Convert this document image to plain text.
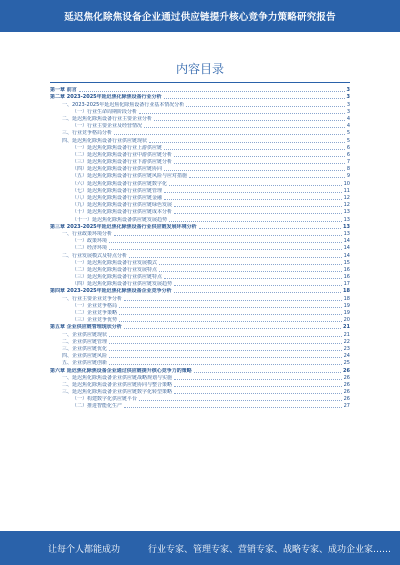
延迟焦化除焦设备企业通过供应链提升核心竞争力策略研究报告
内容目录
第一章 前言	3
第二章 2023-2025年延迟焦化除焦设备行业分析	3
一、2023-2025年延迟焦化除焦设备行业基本情况分析	3
（一）行业生命周期阶段分析	3
二、延迟焦化除焦设备行业主要企业分析	4
（一）行业主要企业及经营情况	4
三、行业竞争格局分析	5
四、延迟焦化除焦设备行业供应链现状	5
（一）延迟焦化除焦设备行业上游供应链	6
（二）延迟焦化除焦设备行业中游供应链分析	6
（三）延迟焦化除焦设备行业下游供应链分析	7
（四）延迟焦化除焦设备行业供应链协同	8
（五）延迟焦化除焦设备行业供应链风险与应对措施	9
（六）延迟焦化除焦设备行业供应链数字化	10
（七）延迟焦化除焦设备行业供应链管理	11
（八）延迟焦化除焦设备行业供应链金融	12
（九）延迟焦化除焦设备行业供应链绿色发展	12
（十）延迟焦化除焦设备行业供应链成本分析	13
（十一）延迟焦化除焦设备供应链发展趋势	13
第三章 2023-2025年延迟焦化除焦设备行业供应链发展环境分析	13
一、行业政策环境分析	13
（一）政策环境	14
（二）经济环境	14
二、行业发展模式及特点分析	14
（一）延迟焦化除焦设备行业发展模式	15
（二）延迟焦化除焦设备行业发展特点	16
（三）延迟焦化除焦设备行业供应链特点	16
（四）延迟焦化除焦设备行业供应链发展趋势	17
第四章 2023-2025年延迟焦化除焦设备企业竞争分析	18
一、行业主要企业竞争分析	18
（一）企业竞争格局	19
（二）企业竞争策略	19
（三）企业竞争优势	20
第五章 企业供应链管理现状分析	21
一、企业供应链现状	21
二、企业供应链管理	22
三、企业供应链优化	23
四、企业供应链风险	24
五、企业供应链创新	25
第六章 延迟焦化除焦设备企业通过供应链提升核心竞争力的策略	26
一、延迟焦化除焦设备企业供应链战略规划与实施	26
二、延迟焦化除焦设备企业供应链协同与整合策略	26
三、延迟焦化除焦设备企业供应链数字化转型策略	26
（一）构建数字化供应链平台	26
（二）推进智能化生产	27
让每个人都能成功	行业专家、管理专家、营销专家、战略专家、成功企业家……
